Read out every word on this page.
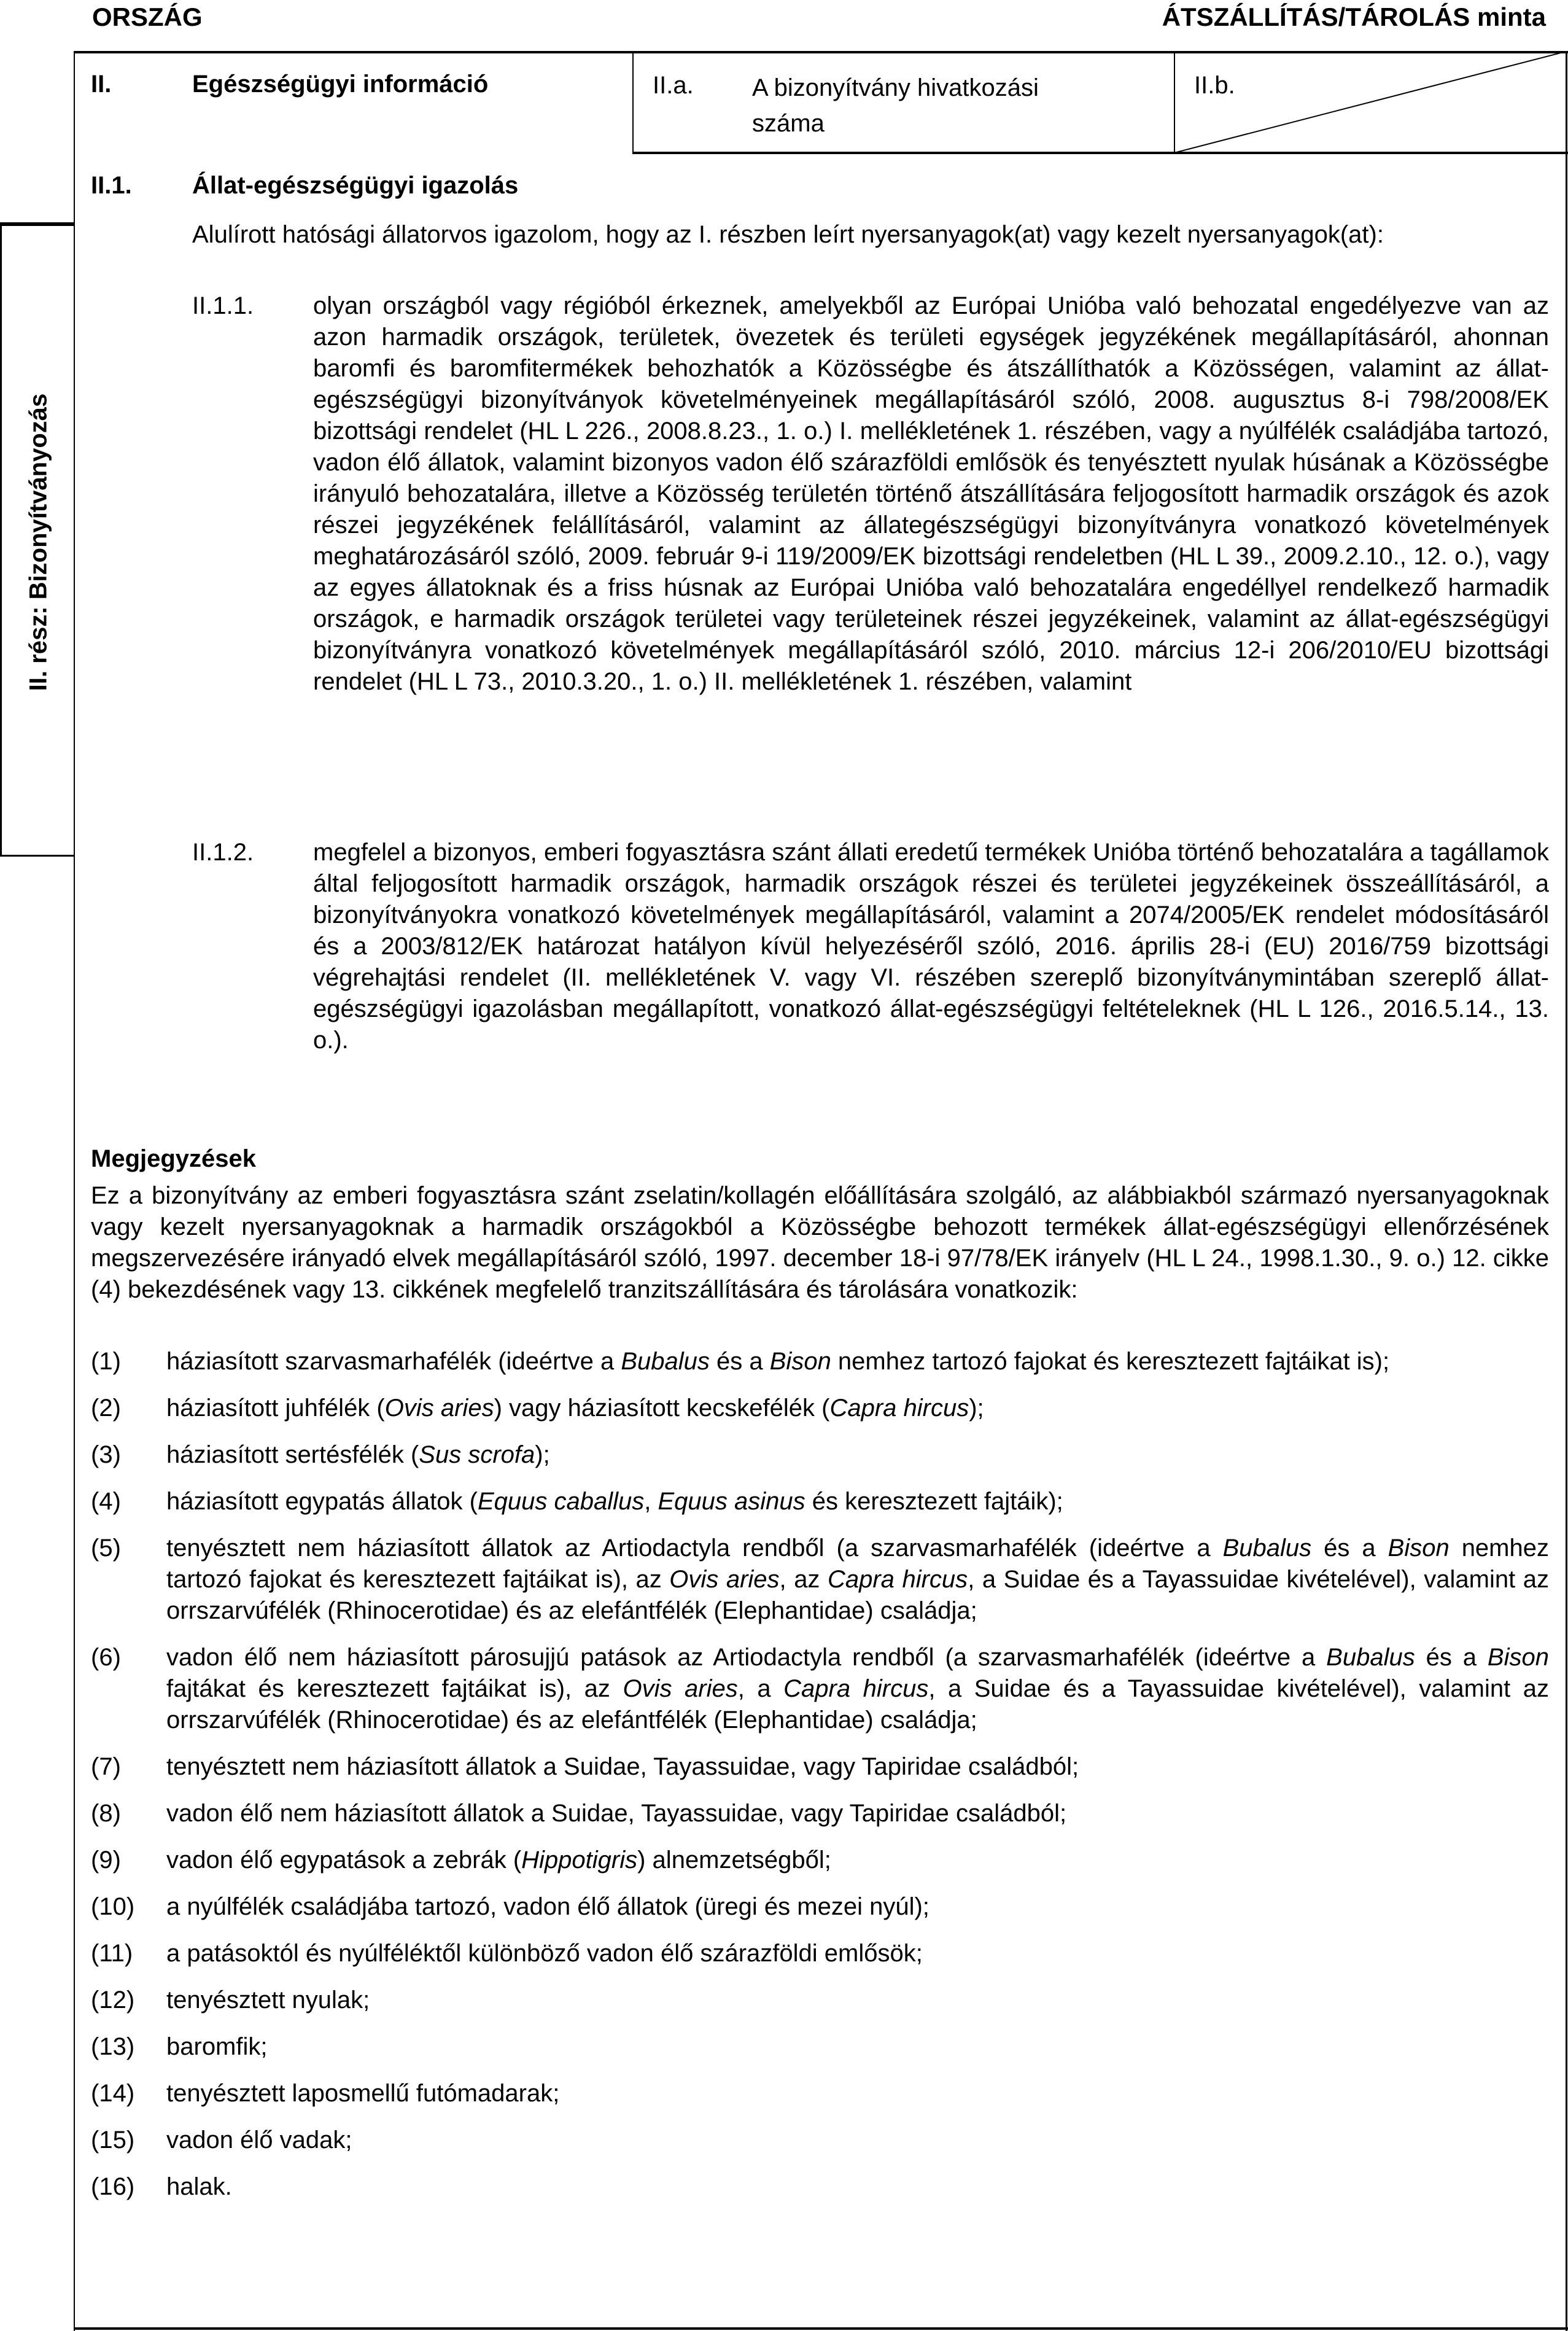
ORSZÁG	ÁTSZÁLLÍTÁS/TÁROLÁS minta
II. rész: Bizonyítványozás
II.	Egészségügyi információ	II.a. A bizonyítvány hivatkozási száma
II.b.
II.1. Állat-egészségügyi igazolás
Alulírott hatósági állatorvos igazolom, hogy az I. részben leírt nyersanyagok(at) vagy kezelt nyersanyagok(at):
II.1.1. olyan országból vagy régióból érkeznek, amelyekből az Európai Unióba való behozatal engedélyezve van az azon harmadik országok, területek, övezetek és területi egységek jegyzékének megállapításáról, ahonnan baromfi és baromfitermékek behozhatók a Közösségbe és átszállíthatók a Közösségen, valamint az állat-egészségügyi bizonyítványok követelményeinek megállapításáról szóló, 2008. augusztus 8-i 798/2008/EK bizottsági rendelet (HL L 226., 2008.8.23., 1. o.) I. mellékletének 1. részében, vagy a nyúlfélék családjába tartozó, vadon élő állatok, valamint bizonyos vadon élő szárazföldi emlősök és tenyésztett nyulak húsának a Közösségbe irányuló behozatalára, illetve a Közösség területén történő átszállítására feljogosított harmadik országok és azok részei jegyzékének felállításáról, valamint az állategészségügyi bizonyítványra vonatkozó követelmények meghatározásáról szóló, 2009. február 9-i 119/2009/EK bizottsági rendeletben (HL L 39., 2009.2.10., 12. o.), vagy az egyes állatoknak és a friss húsnak az Európai Unióba való behozatalára engedéllyel rendelkező harmadik országok, e harmadik országok területei vagy területeinek részei jegyzékeinek, valamint az állat-egészségügyi bizonyítványra vonatkozó követelmények megállapításáról szóló, 2010. március 12-i 206/2010/EU bizottsági rendelet (HL L 73., 2010.3.20., 1. o.) II. mellékletének 1. részében, valamint
II.1.2. megfelel a bizonyos, emberi fogyasztásra szánt állati eredetű termékek Unióba történő behozatalára a tagállamok által feljogosított harmadik országok, harmadik országok részei és területei jegyzékeinek összeállításáról, a bizonyítványokra vonatkozó követelmények megállapításáról, valamint a 2074/2005/EK rendelet módosításáról és a 2003/812/EK határozat hatályon kívül helyezéséről szóló, 2016. április 28-i (EU) 2016/759 bizottsági végrehajtási rendelet (II. mellékletének V. vagy VI. részében szereplő bizonyítványmintában szereplő állat-egészségügyi igazolásban megállapított, vonatkozó állat-egészségügyi feltételeknek (HL L 126., 2016.5.14., 13. o.).
Megjegyzések
Ez a bizonyítvány az emberi fogyasztásra szánt zselatin/kollagén előállítására szolgáló, az alábbiakból származó nyersanyagoknak vagy kezelt nyersanyagoknak a harmadik országokból a Közösségbe behozott termékek állat-egészségügyi ellenőrzésének megszervezésére irányadó elvek megállapításáról szóló, 1997. december 18-i 97/78/EK irányelv (HL L 24., 1998.1.30., 9. o.) 12. cikke (4) bekezdésének vagy 13. cikkének megfelelő tranzitszállítására és tárolására vonatkozik:
(1)	háziasított szarvasmarhafélék (ideértve a Bubalus és a Bison nemhez tartozó fajokat és keresztezett fajtáikat is);
(2)	háziasított juhfélék (Ovis aries) vagy háziasított kecskefélék (Capra hircus);
(3)	háziasított sertésfélék (Sus scrofa);
(4)	háziasított egypatás állatok (Equus caballus, Equus asinus és keresztezett fajtáik);
(5)	tenyésztett nem háziasított állatok az Artiodactyla rendből (a szarvasmarhafélék (ideértve a Bubalus és a Bison nemhez tartozó fajokat és keresztezett fajtáikat is), az Ovis aries, az Capra hircus, a Suidae és a Tayassuidae kivételével), valamint az orrszarvúfélék (Rhinocerotidae) és az elefántfélék (Elephantidae) családja;
(6)	vadon élő nem háziasított párosujjú patások az Artiodactyla rendből (a szarvasmarhafélék (ideértve a Bubalus és a Bison fajtákat és keresztezett fajtáikat is), az Ovis aries, a Capra hircus, a Suidae és a Tayassuidae kivételével), valamint az orrszarvúfélék (Rhinocerotidae) és az elefántfélék (Elephantidae) családja;
(7)	tenyésztett nem háziasított állatok a Suidae, Tayassuidae, vagy Tapiridae családból;
(8)	vadon élő nem háziasított állatok a Suidae, Tayassuidae, vagy Tapiridae családból;
(9)	vadon élő egypatások a zebrák (Hippotigris) alnemzetségből;
(10)	a nyúlfélék családjába tartozó, vadon élő állatok (üregi és mezei nyúl);
(11)	a patásoktól és nyúlféléktől különböző vadon élő szárazföldi emlősök;
(12)	tenyésztett nyulak;
(13)	baromfik;
(14)	tenyésztett laposmellű futómadarak;
(15)	vadon élő vadak;
(16)	halak.
